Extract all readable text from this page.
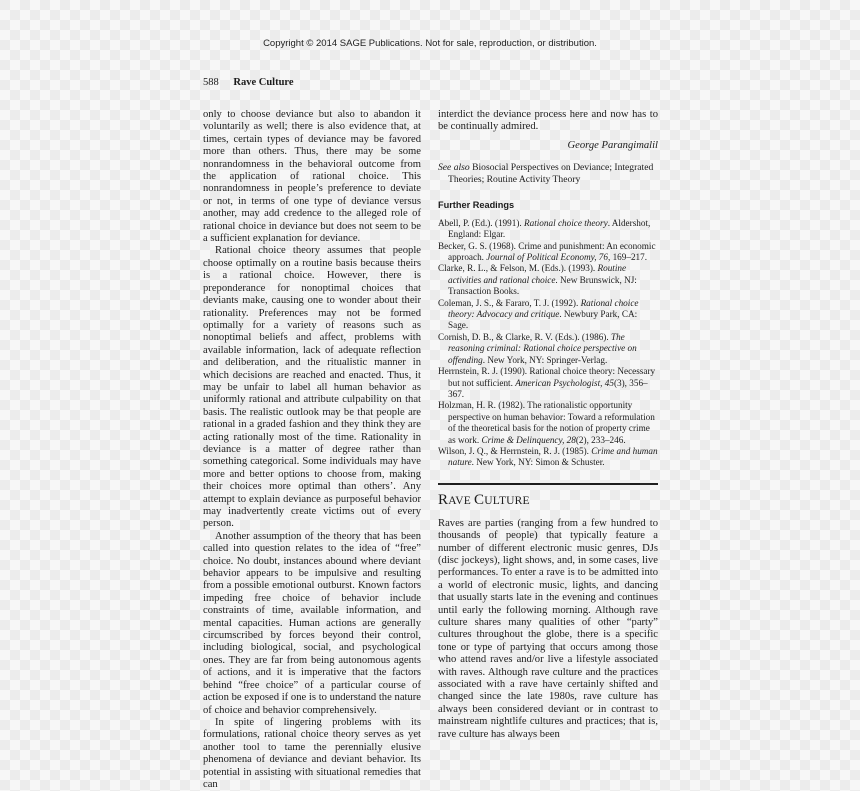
Copyright © 2014 SAGE Publications. Not for sale, reproduction, or distribution.
588 Rave Culture

only to choose deviance but also to abandon it voluntarily as well; there is also evidence that, at times, certain types of deviance may be favored more than others. Thus, there may be some nonrandomness in the behavioral outcome from the application of rational choice. This nonrandomness in people’s preference to deviate or not, in terms of one type of deviance versus another, may add credence to the alleged role of rational choice in deviance but does not seem to be a sufficient explanation for deviance.

Rational choice theory assumes that people choose optimally on a routine basis because theirs is a rational choice. However, there is preponderance for nonoptimal choices that deviants make, causing one to wonder about their rationality. Preferences may not be formed optimally for a variety of reasons such as nonoptimal beliefs and affect, problems with available information, lack of adequate reflection and deliberation, and the ritualistic manner in which decisions are reached and enacted. Thus, it may be unfair to label all human behavior as uniformly rational and attribute culpability on that basis. The realistic outlook may be that people are rational in a graded fashion and they think they are acting rationally most of the time. Rationality in deviance is a matter of degree rather than something categorical. Some individuals may have more and better options to choose from, making their choices more optimal than others’. Any attempt to explain deviance as purposeful behavior may inadvertently create victims out of every person.

Another assumption of the theory that has been called into question relates to the idea of “free” choice. No doubt, instances abound where deviant behavior appears to be impulsive and resulting from a possible emotional outburst. Known factors impeding free choice of behavior include constraints of time, available information, and mental capacities. Human actions are generally circumscribed by forces beyond their control, including biological, social, and psychological ones. They are far from being autonomous agents of actions, and it is imperative that the factors behind “free choice” of a particular course of action be exposed if one is to understand the nature of choice and behavior comprehensively.

In spite of lingering problems with its formulations, rational choice theory serves as yet another tool to tame the perennially elusive phenomena of deviance and deviant behavior. Its potential in assisting with situational remedies that can

interdict the deviance process here and now has to be continually admired.

George Parangimalil

See also Biosocial Perspectives on Deviance; Integrated Theories; Routine Activity Theory

Further Readings
Abell, P. (Ed.). (1991). Rational choice theory. Aldershot, England: Elgar.
Becker, G. S. (1968). Crime and punishment: An economic approach. Journal of Political Economy, 76, 169–217.
Clarke, R. L., & Felson, M. (Eds.). (1993). Routine activities and rational choice. New Brunswick, NJ: Transaction Books.
Coleman, J. S., & Fararo, T. J. (1992). Rational choice theory: Advocacy and critique. Newbury Park, CA: Sage.
Cornish, D. B., & Clarke, R. V. (Eds.). (1986). The reasoning criminal: Rational choice perspective on offending. New York, NY: Springer-Verlag.
Herrnstein, R. J. (1990). Rational choice theory: Necessary but not sufficient. American Psychologist, 45(3), 356–367.
Holzman, H. R. (1982). The rationalistic opportunity perspective on human behavior: Toward a reformulation of the theoretical basis for the notion of property crime as work. Crime & Delinquency, 28(2), 233–246.
Wilson, J. Q., & Herrnstein, R. J. (1985). Crime and human nature. New York, NY: Simon & Schuster.
RAVE CULTURE

Raves are parties (ranging from a few hundred to thousands of people) that typically feature a number of different electronic music genres, DJs (disc jockeys), light shows, and, in some cases, live performances. To enter a rave is to be admitted into a world of electronic music, lights, and dancing that usually starts late in the evening and continues until early the following morning. Although rave culture shares many qualities of other “party” cultures throughout the globe, there is a specific tone or type of partying that occurs among those who attend raves and/or live a lifestyle associated with raves. Although rave culture and the practices associated with a rave have certainly shifted and changed since the late 1980s, rave culture has always been considered deviant or in contrast to mainstream nightlife cultures and practices; that is, rave culture has always been
